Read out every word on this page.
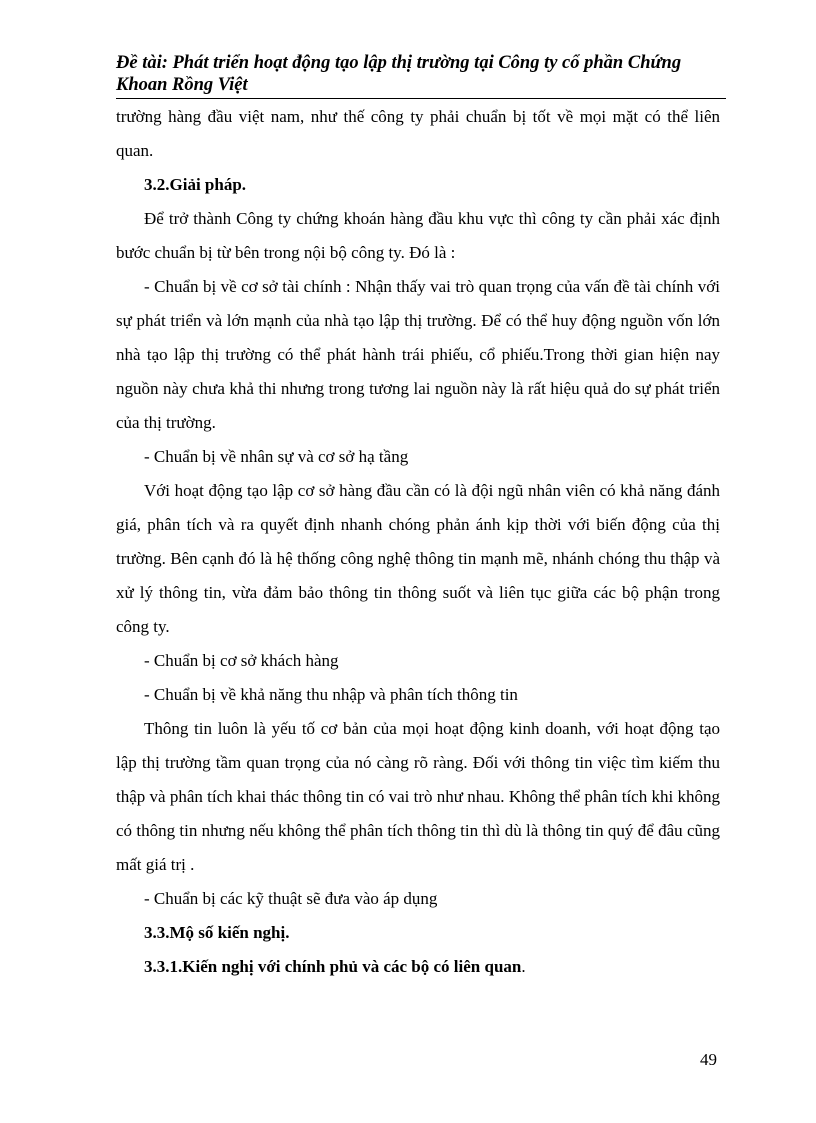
Đề tài: Phát triển hoạt động tạo lập thị trường tại Công ty cổ phần Chứng
Khoan Rồng Việt

trường hàng đầu việt nam, như thế công ty phải chuẩn bị tốt về mọi mặt có thể liên quan.

3.2.Giải pháp.

Để trở thành Công ty chứng khoán hàng đầu khu vực thì công ty cần phải xác định bước chuẩn bị từ bên trong nội bộ công ty. Đó là :

- Chuẩn bị về cơ sở tài chính : Nhận thấy vai trò quan trọng của vấn đề tài chính với sự phát triển và lớn mạnh của nhà tạo lập thị trường. Để có thể huy động nguồn vốn lớn nhà tạo lập thị trường có thể phát hành trái phiếu, cổ phiếu.Trong thời gian hiện nay nguồn này chưa khả thi nhưng trong tương lai nguồn này là rất hiệu quả do sự phát triển của thị trường.

- Chuẩn bị về nhân sự và cơ sở hạ tầng

Với hoạt động tạo lập cơ sở hàng đầu cần có là đội ngũ nhân viên có khả năng đánh giá, phân tích và ra quyết định nhanh chóng phản ánh kịp thời với biến động của thị trường. Bên cạnh đó là hệ thống công nghệ thông tin mạnh mẽ, nhánh chóng thu thập và xử lý thông tin, vừa đảm bảo thông tin thông suốt và liên tục giữa các bộ phận trong công ty.

- Chuẩn bị cơ sở khách hàng

- Chuẩn bị về khả năng thu nhập và phân tích thông tin

Thông tin luôn là yếu tố cơ bản của mọi hoạt động kinh doanh, với hoạt động tạo lập thị trường tầm quan trọng của nó càng rõ ràng. Đối với thông tin việc tìm kiếm thu thập và phân tích khai thác thông tin có vai trò như nhau. Không thể phân tích khi không có thông tin nhưng nếu không thể phân tích thông tin thì dù là thông tin quý để đâu cũng mất giá trị .

- Chuẩn bị các kỹ thuật sẽ đưa vào áp dụng

3.3.Mộ số kiến nghị.

3.3.1.Kiến nghị với chính phủ và các bộ có liên quan.

49
